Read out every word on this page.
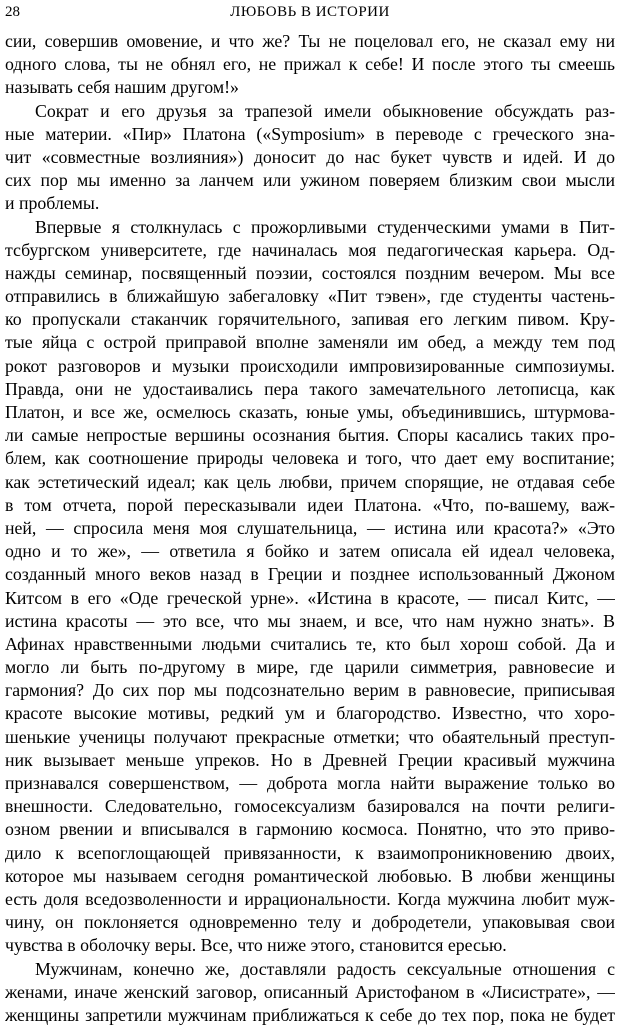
28	ЛЮБОВЬ В ИСТОРИИ
сии, совершив омовение, и что же? Ты не поцеловал его, не сказал ему ни
одного слова, ты не обнял его, не прижал к себе! И после этого ты смеешь
называть себя нашим другом!»
Сократ и его друзья за трапезой имели обыкновение обсуждать раз-
ные материи. «Пир» Платона («Symposium» в переводе с греческого зна-
чит «совместные возлияния») доносит до нас букет чувств и идей. И до
сих пор мы именно за ланчем или ужином поверяем близким свои мысли
и проблемы.
Впервые я столкнулась с прожорливыми студенческими умами в Пит-
тсбургском университете, где начиналась моя педагогическая карьера. Од-
нажды семинар, посвященный поэзии, состоялся поздним вечером. Мы все
отправились в ближайшую забегаловку «Пит тэвен», где студенты частень-
ко пропускали стаканчик горячительного, запивая его легким пивом. Кру-
тые яйца с острой приправой вполне заменяли им обед, а между тем под
рокот разговоров и музыки происходили импровизированные симпозиумы.
Правда, они не удостаивались пера такого замечательного летописца, как
Платон, и все же, осмелюсь сказать, юные умы, объединившись, штурмова-
ли самые непростые вершины осознания бытия. Споры касались таких про-
блем, как соотношение природы человека и того, что дает ему воспитание;
как эстетический идеал; как цель любви, причем спорящие, не отдавая себе
в том отчета, порой пересказывали идеи Платона. «Что, по-вашему, важ-
ней, — спросила меня моя слушательница, — истина или красота?» «Это
одно и то же», — ответила я бойко и затем описала ей идеал человека,
созданный много веков назад в Греции и позднее использованный Джоном
Китсом в его «Оде греческой урне». «Истина в красоте, — писал Китс, —
истина красоты — это все, что мы знаем, и все, что нам нужно знать». В
Афинах нравственными людьми считались те, кто был хорош собой. Да и
могло ли быть по-другому в мире, где царили симметрия, равновесие и
гармония? До сих пор мы подсознательно верим в равновесие, приписывая
красоте высокие мотивы, редкий ум и благородство. Известно, что хоро-
шенькие ученицы получают прекрасные отметки; что обаятельный преступ-
ник вызывает меньше упреков. Но в Древней Греции красивый мужчина
признавался совершенством, — доброта могла найти выражение только во
внешности. Следовательно, гомосексуализм базировался на почти религи-
озном рвении и вписывался в гармонию космоса. Понятно, что это приво-
дило к всепоглощающей привязанности, к взаимопроникновению двоих,
которое мы называем сегодня романтической любовью. В любви женщины
есть доля вседозволенности и иррациональности. Когда мужчина любит муж-
чину, он поклоняется одновременно телу и добродетели, упаковывая свои
чувства в оболочку веры. Все, что ниже этого, становится ересью.
Мужчинам, конечно же, доставляли радость сексуальные отношения с
женами, иначе женский заговор, описанный Аристофаном в «Лисистрате», —
женщины запретили мужчинам приближаться к себе до тех пор, пока не будет
